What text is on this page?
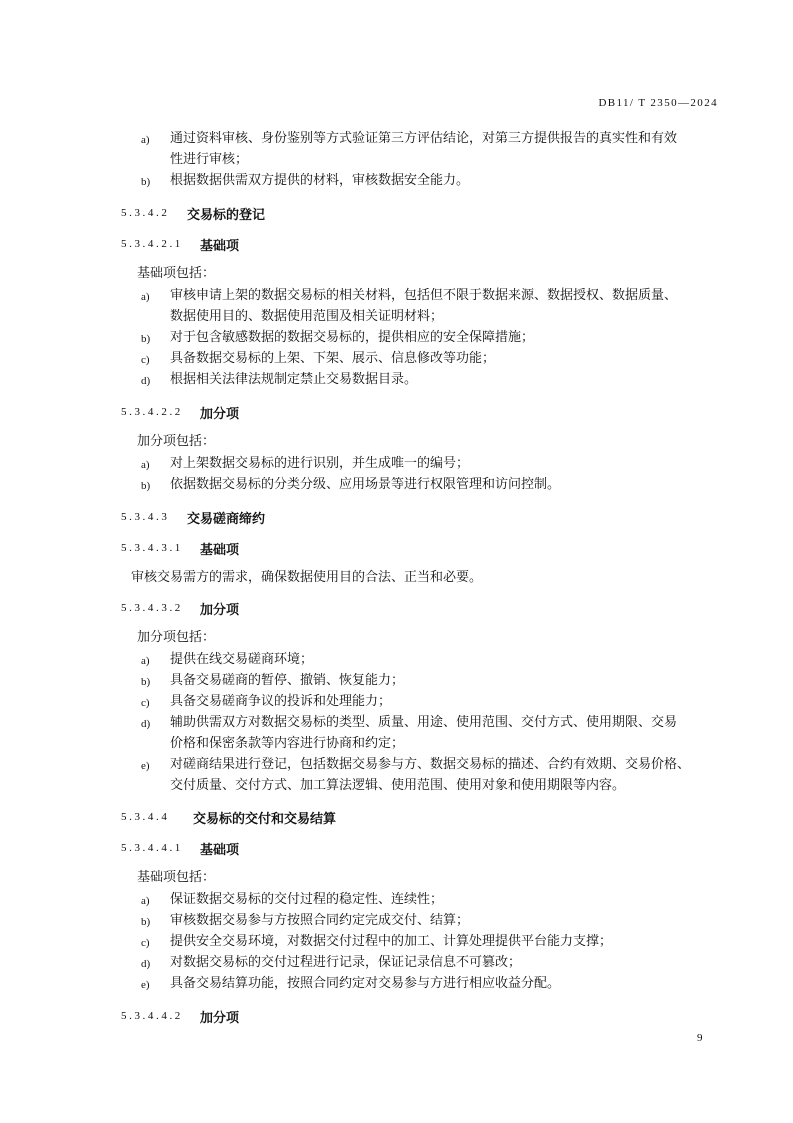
DB11/ T 2350—2024
a) 通过资料审核、身份鉴别等方式验证第三方评估结论，对第三方提供报告的真实性和有效
性进行审核；
b) 根据数据供需双方提供的材料，审核数据安全能力。
5.3.4.2 交易标的登记
5.3.4.2.1 基础项
基础项包括：
a) 审核申请上架的数据交易标的相关材料，包括但不限于数据来源、数据授权、数据质量、
数据使用目的、数据使用范围及相关证明材料；
b) 对于包含敏感数据的数据交易标的，提供相应的安全保障措施；
c) 具备数据交易标的上架、下架、展示、信息修改等功能；
d) 根据相关法律法规制定禁止交易数据目录。
5.3.4.2.2 加分项
加分项包括：
a) 对上架数据交易标的进行识别，并生成唯一的编号；
b) 依据数据交易标的分类分级、应用场景等进行权限管理和访问控制。
5.3.4.3 交易磋商缔约
5.3.4.3.1 基础项
审核交易需方的需求，确保数据使用目的合法、正当和必要。
5.3.4.3.2 加分项
加分项包括：
a) 提供在线交易磋商环境；
b) 具备交易磋商的暂停、撤销、恢复能力；
c) 具备交易磋商争议的投诉和处理能力；
d) 辅助供需双方对数据交易标的类型、质量、用途、使用范围、交付方式、使用期限、交易
价格和保密条款等内容进行协商和约定；
e) 对磋商结果进行登记，包括数据交易参与方、数据交易标的描述、合约有效期、交易价格、
交付质量、交付方式、加工算法逻辑、使用范围、使用对象和使用期限等内容。
5.3.4.4 交易标的交付和交易结算
5.3.4.4.1 基础项
基础项包括：
a) 保证数据交易标的交付过程的稳定性、连续性；
b) 审核数据交易参与方按照合同约定完成交付、结算；
c) 提供安全交易环境，对数据交付过程中的加工、计算处理提供平台能力支撑；
d) 对数据交易标的交付过程进行记录，保证记录信息不可篡改；
e) 具备交易结算功能，按照合同约定对交易参与方进行相应收益分配。
5.3.4.4.2 加分项
9
